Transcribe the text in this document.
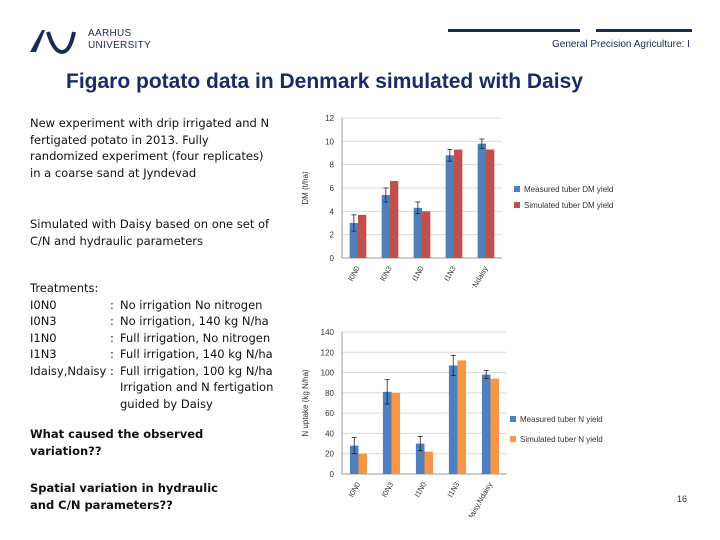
AARHUS
UNIVERSITY	General Precision Agriculture: I
Figaro potato data in Denmark simulated with Daisy
New experiment with drip irrigated and N fertigated potato in 2013. Fully randomized experiment (four replicates) in a coarse sand at Jyndevad
Simulated with Daisy based on one set of C/N and hydraulic parameters
Treatments:
I0N0	: No irrigation No nitrogen
I0N3	: No irrigation, 140 kg N/ha
I1N0	: Full irrigation, No nitrogen
I1N3	: Full irrigation, 140 kg N/ha
Idaisy,Ndaisy : Full irrigation, 100 kg N/ha Irrigation and N fertigation guided by Daisy
What caused the observed variation??
Spatial variation in hydraulic and C/N parameters??
0
2
4
6
8
10
12
DM (t/ha)
I0N0 I0N3 I1N0 I1N3 Idaisy,Ndaisy
Measured tuber DM yield
Simulated tuber DM yield
0
20
40
60
80
100
120
140
N uptake (kg N/ha)
I0N0 I0N3 I1N0 I1N3 Idaisy,Ndaisy
Measured tuber N yield
Simulated tuber N yield
16
